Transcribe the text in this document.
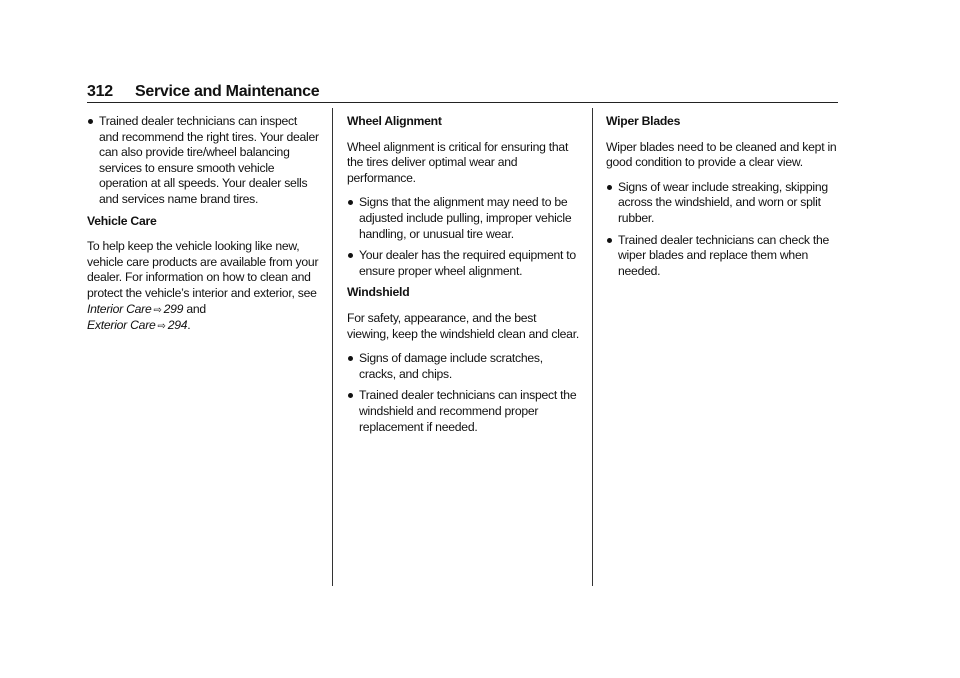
312 Service and Maintenance
Trained dealer technicians can inspect and recommend the right tires. Your dealer can also provide tire/wheel balancing services to ensure smooth vehicle operation at all speeds. Your dealer sells and services name brand tires.
Vehicle Care
To help keep the vehicle looking like new, vehicle care products are available from your dealer. For information on how to clean and protect the vehicle’s interior and exterior, see Interior Care ⇨ 299 and
Exterior Care ⇨ 294.
Wheel Alignment
Wheel alignment is critical for ensuring that the tires deliver optimal wear and performance.
Signs that the alignment may need to be adjusted include pulling, improper vehicle handling, or unusual tire wear.
Your dealer has the required equipment to ensure proper wheel alignment.
Windshield
For safety, appearance, and the best viewing, keep the windshield clean and clear.
Signs of damage include scratches, cracks, and chips.
Trained dealer technicians can inspect the windshield and recommend proper replacement if needed.
Wiper Blades
Wiper blades need to be cleaned and kept in good condition to provide a clear view.
Signs of wear include streaking, skipping across the windshield, and worn or split rubber.
Trained dealer technicians can check the wiper blades and replace them when needed.
